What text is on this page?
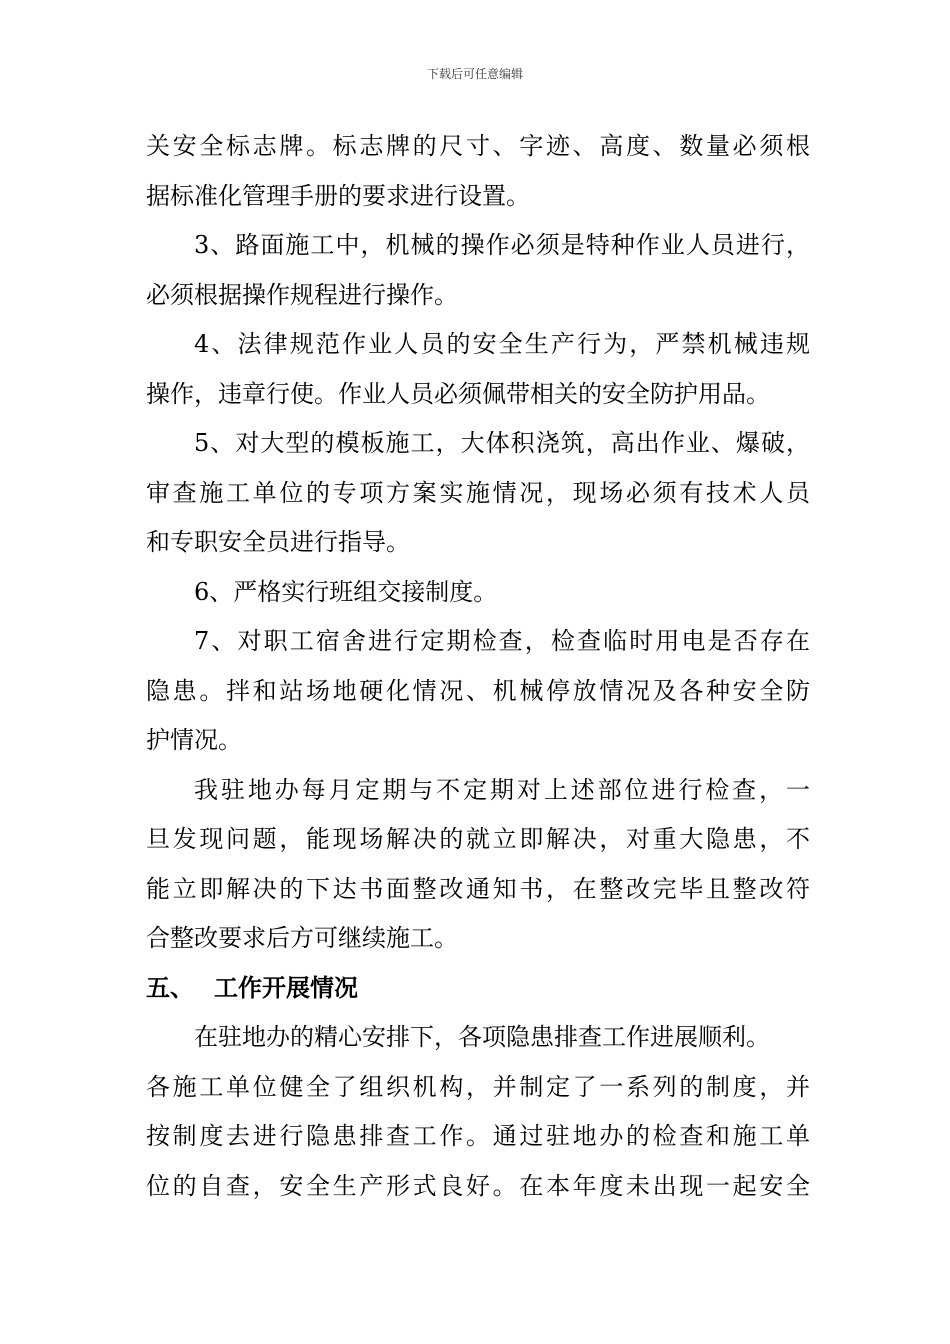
下载后可任意编辑
关安全标志牌。标志牌的尺寸、字迹、高度、数量必须根
据标准化管理手册的要求进行设置。
3、路面施工中，机械的操作必须是特种作业人员进行，
必须根据操作规程进行操作。
4、法律规范作业人员的安全生产行为，严禁机械违规
操作，违章行使。作业人员必须佩带相关的安全防护用品。
5、对大型的模板施工，大体积浇筑，高出作业、爆破，
审查施工单位的专项方案实施情况，现场必须有技术人员
和专职安全员进行指导。
6、严格实行班组交接制度。
7、对职工宿舍进行定期检查，检查临时用电是否存在
隐患。拌和站场地硬化情况、机械停放情况及各种安全防
护情况。
我驻地办每月定期与不定期对上述部位进行检查，一
旦发现问题，能现场解决的就立即解决，对重大隐患，不
能立即解决的下达书面整改通知书，在整改完毕且整改符
合整改要求后方可继续施工。
五、 工作开展情况
在驻地办的精心安排下，各项隐患排查工作进展顺利。
各施工单位健全了组织机构，并制定了一系列的制度，并
按制度去进行隐患排查工作。通过驻地办的检查和施工单
位的自查，安全生产形式良好。在本年度未出现一起安全
